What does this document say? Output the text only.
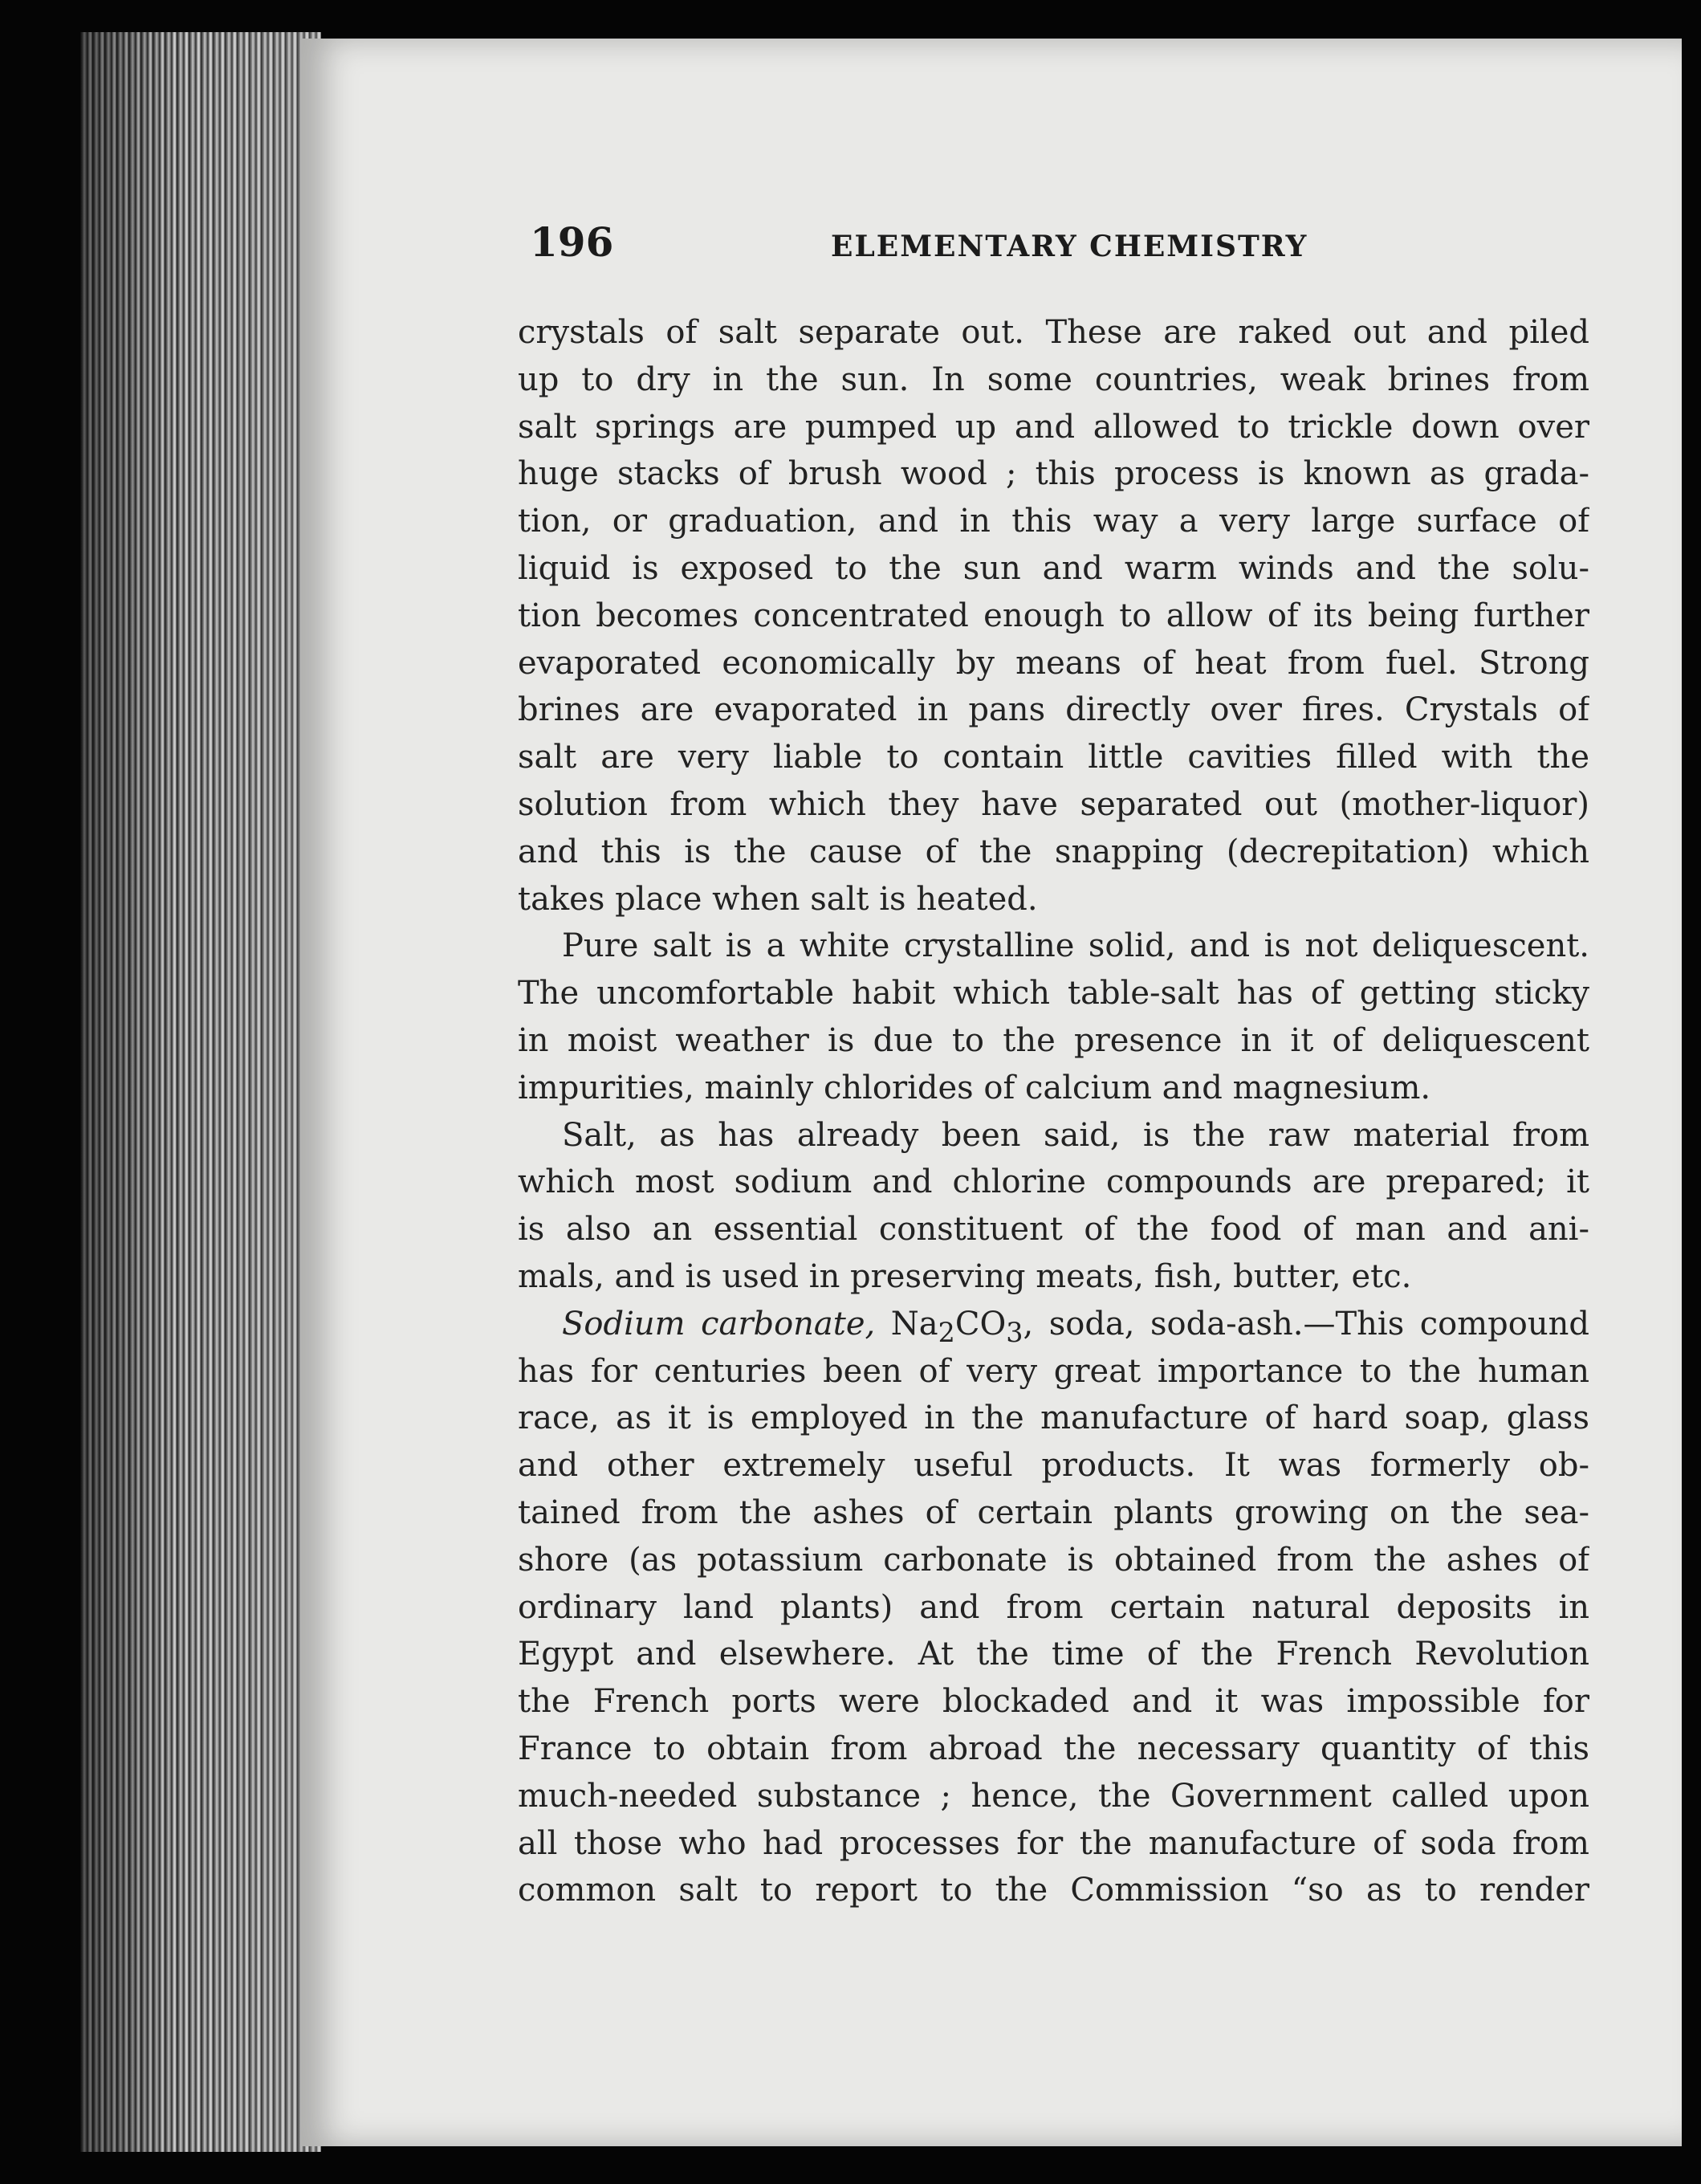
196	ELEMENTARY CHEMISTRY
crystals of salt separate out. These are raked out and piled
up to dry in the sun. In some countries, weak brines from
salt springs are pumped up and allowed to trickle down over
huge stacks of brush wood ; this process is known as grada-
tion, or graduation, and in this way a very large surface of
liquid is exposed to the sun and warm winds and the solu-
tion becomes concentrated enough to allow of its being further
evaporated economically by means of heat from fuel. Strong
brines are evaporated in pans directly over fires. Crystals of
salt are very liable to contain little cavities filled with the
solution from which they have separated out (mother-liquor)
and this is the cause of the snapping (decrepitation) which
takes place when salt is heated.
Pure salt is a white crystalline solid, and is not deliquescent.
The uncomfortable habit which table-salt has of getting sticky
in moist weather is due to the presence in it of deliquescent
impurities, mainly chlorides of calcium and magnesium.
Salt, as has already been said, is the raw material from
which most sodium and chlorine compounds are prepared; it
is also an essential constituent of the food of man and ani-
mals, and is used in preserving meats, fish, butter, etc.
Sodium carbonate, $Na_2CO_3$, soda, soda-ash.—This compound
has for centuries been of very great importance to the human
race, as it is employed in the manufacture of hard soap, glass
and other extremely useful products. It was formerly ob-
tained from the ashes of certain plants growing on the sea-
shore (as potassium carbonate is obtained from the ashes of
ordinary land plants) and from certain natural deposits in
Egypt and elsewhere. At the time of the French Revolution
the French ports were blockaded and it was impossible for
France to obtain from abroad the necessary quantity of this
much-needed substance ; hence, the Government called upon
all those who had processes for the manufacture of soda from
common salt to report to the Commission “so as to render
